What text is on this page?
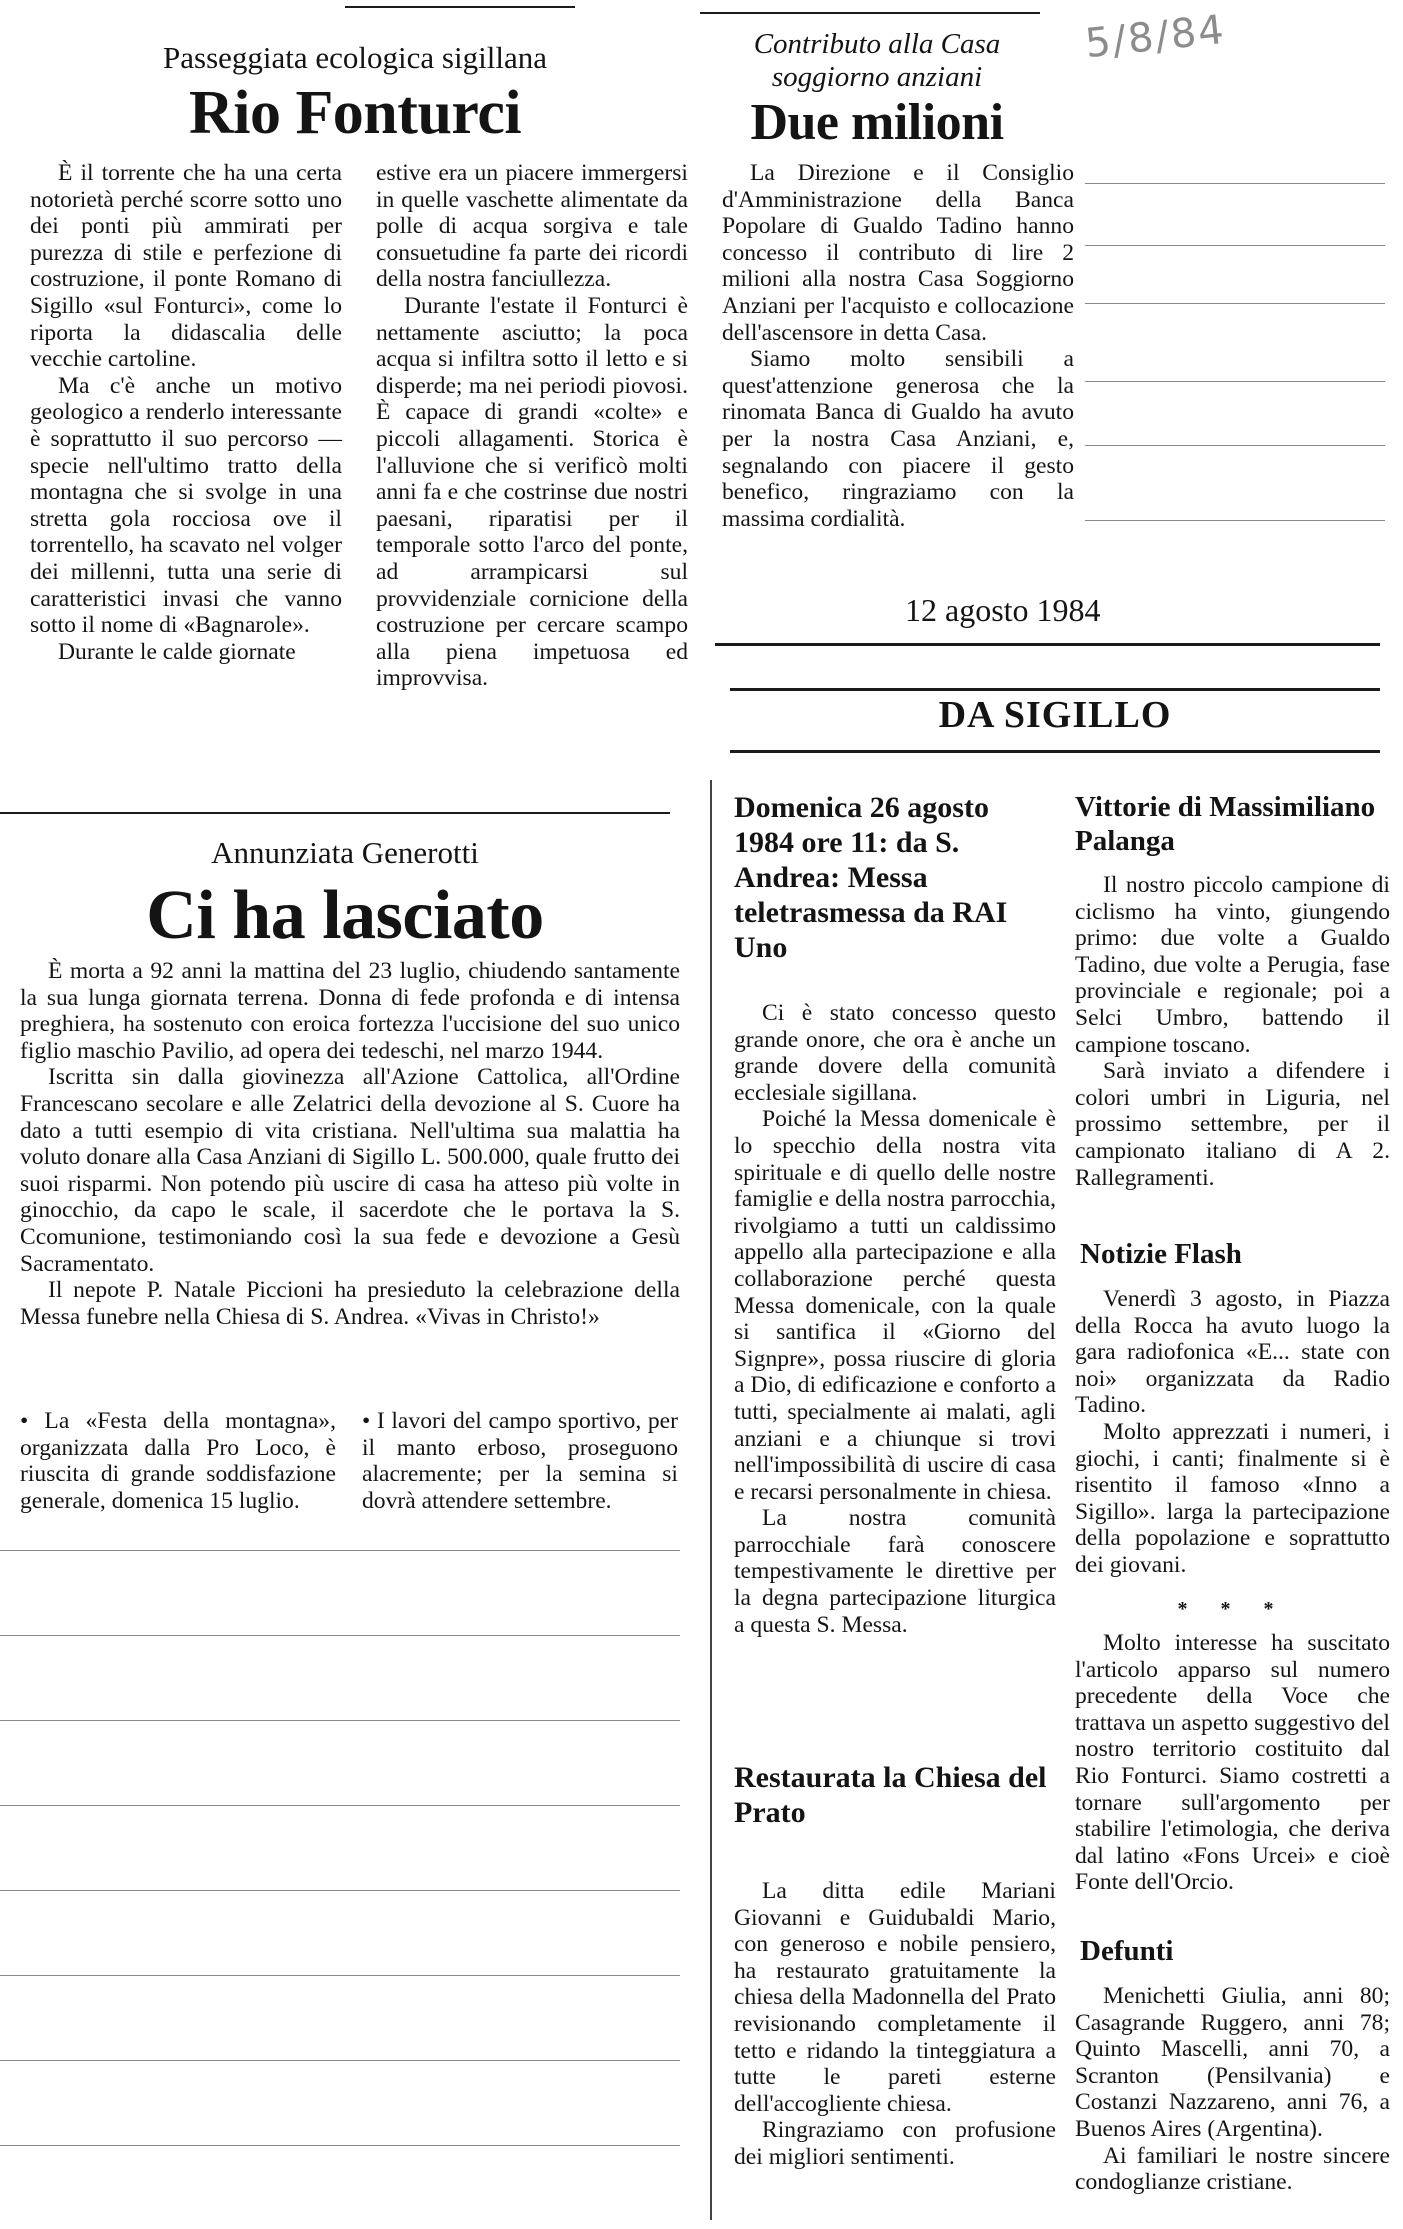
5/8/84
Passeggiata ecologica sigillana
Rio Fonturci

È il torrente che ha una certa notorietà perché scorre sotto uno dei ponti più ammirati per purezza di stile e perfezione di costruzione, il ponte Romano di Sigillo «sul Fonturci», come lo riporta la didascalia delle vecchie cartoline.

Ma c'è anche un motivo geologico a renderlo interessante è soprattutto il suo percorso — specie nell'ultimo tratto della montagna che si svolge in una stretta gola rocciosa ove il torrentello, ha scavato nel volger dei millenni, tutta una serie di caratteristici invasi che vanno sotto il nome di «Bagnarole».

Durante le calde giornate

estive era un piacere immergersi in quelle vaschette alimentate da polle di acqua sorgiva e tale consuetudine fa parte dei ricordi della nostra fanciullezza.

Durante l'estate il Fonturci è nettamente asciutto; la poca acqua si infiltra sotto il letto e si disperde; ma nei periodi piovosi. È capace di grandi «colte» e piccoli allagamenti. Storica è l'alluvione che si verificò molti anni fa e che costrinse due nostri paesani, riparatisi per il temporale sotto l'arco del ponte, ad arrampicarsi sul provvidenziale cornicione della costruzione per cercare scampo alla piena impetuosa ed improvvisa.

Contributo alla Casa soggiorno anziani
Due milioni

La Direzione e il Consiglio d'Amministrazione della Banca Popolare di Gualdo Tadino hanno concesso il contributo di lire 2 milioni alla nostra Casa Soggiorno Anziani per l'acquisto e collocazione dell'ascensore in detta Casa.

Siamo molto sensibili a quest'attenzione generosa che la rinomata Banca di Gualdo ha avuto per la nostra Casa Anziani, e, segnalando con piacere il gesto benefico, ringraziamo con la massima cordialità.

12 agosto 1984
DA SIGILLO
Annunziata Generotti
Ci ha lasciato

È morta a 92 anni la mattina del 23 luglio, chiudendo santamente la sua lunga giornata terrena. Donna di fede profonda e di intensa preghiera, ha sostenuto con eroica fortezza l'uccisione del suo unico figlio maschio Pavilio, ad opera dei tedeschi, nel marzo 1944.

Iscritta sin dalla giovinezza all'Azione Cattolica, all'Ordine Francescano secolare e alle Zelatrici della devozione al S. Cuore ha dato a tutti esempio di vita cristiana. Nell'ultima sua malattia ha voluto donare alla Casa Anziani di Sigillo L. 500.000, quale frutto dei suoi risparmi. Non potendo più uscire di casa ha atteso più volte in ginocchio, da capo le scale, il sacerdote che le portava la S. Ccomunione, testimoniando così la sua fede e devozione a Gesù Sacramentato.

Il nepote P. Natale Piccioni ha presieduto la celebrazione della Messa funebre nella Chiesa di S. Andrea. «Vivas in Christo!»

• La «Festa della montagna», organizzata dalla Pro Loco, è riuscita di grande soddisfazione generale, domenica 15 luglio.
• I lavori del campo sportivo, per il manto erboso, proseguono alacremente; per la semina si dovrà attendere settembre.
Domenica 26 agosto 1984 ore 11: da S. Andrea: Messa teletrasmessa da RAI Uno

Ci è stato concesso questo grande onore, che ora è anche un grande dovere della comunità ecclesiale sigillana.

Poiché la Messa domenicale è lo specchio della nostra vita spirituale e di quello delle nostre famiglie e della nostra parrocchia, rivolgiamo a tutti un caldissimo appello alla partecipazione e alla collaborazione perché questa Messa domenicale, con la quale si santifica il «Giorno del Signpre», possa riuscire di gloria a Dio, di edificazione e conforto a tutti, specialmente ai malati, agli anziani e a chiunque si trovi nell'impossibilità di uscire di casa e recarsi personalmente in chiesa.

La nostra comunità parrocchiale farà conoscere tempestivamente le direttive per la degna partecipazione liturgica a questa S. Messa.

Restaurata la Chiesa del Prato

La ditta edile Mariani Giovanni e Guidubaldi Mario, con generoso e nobile pensiero, ha restaurato gratuitamente la chiesa della Madonnella del Prato revisionando completamente il tetto e ridando la tinteggiatura a tutte le pareti esterne dell'accogliente chiesa.

Ringraziamo con profusione dei migliori sentimenti.

Vittorie di Massimiliano Palanga

Il nostro piccolo campione di ciclismo ha vinto, giungendo primo: due volte a Gualdo Tadino, due volte a Perugia, fase provinciale e regionale; poi a Selci Umbro, battendo il campione toscano.

Sarà inviato a difendere i colori umbri in Liguria, nel prossimo settembre, per il campionato italiano di A 2. Rallegramenti.

Notizie Flash

Venerdì 3 agosto, in Piazza della Rocca ha avuto luogo la gara radiofonica «E... state con noi» organizzata da Radio Tadino.

Molto apprezzati i numeri, i giochi, i canti; finalmente si è risentito il famoso «Inno a Sigillo». larga la partecipazione della popolazione e soprattutto dei giovani.

* * *

Molto interesse ha suscitato l'articolo apparso sul numero precedente della Voce che trattava un aspetto suggestivo del nostro territorio costituito dal Rio Fonturci. Siamo costretti a tornare sull'argomento per stabilire l'etimologia, che deriva dal latino «Fons Urcei» e cioè Fonte dell'Orcio.

Defunti

Menichetti Giulia, anni 80; Casagrande Ruggero, anni 78; Quinto Mascelli, anni 70, a Scranton (Pensilvania) e Costanzi Nazzareno, anni 76, a Buenos Aires (Argentina).

Ai familiari le nostre sincere condoglianze cristiane.
